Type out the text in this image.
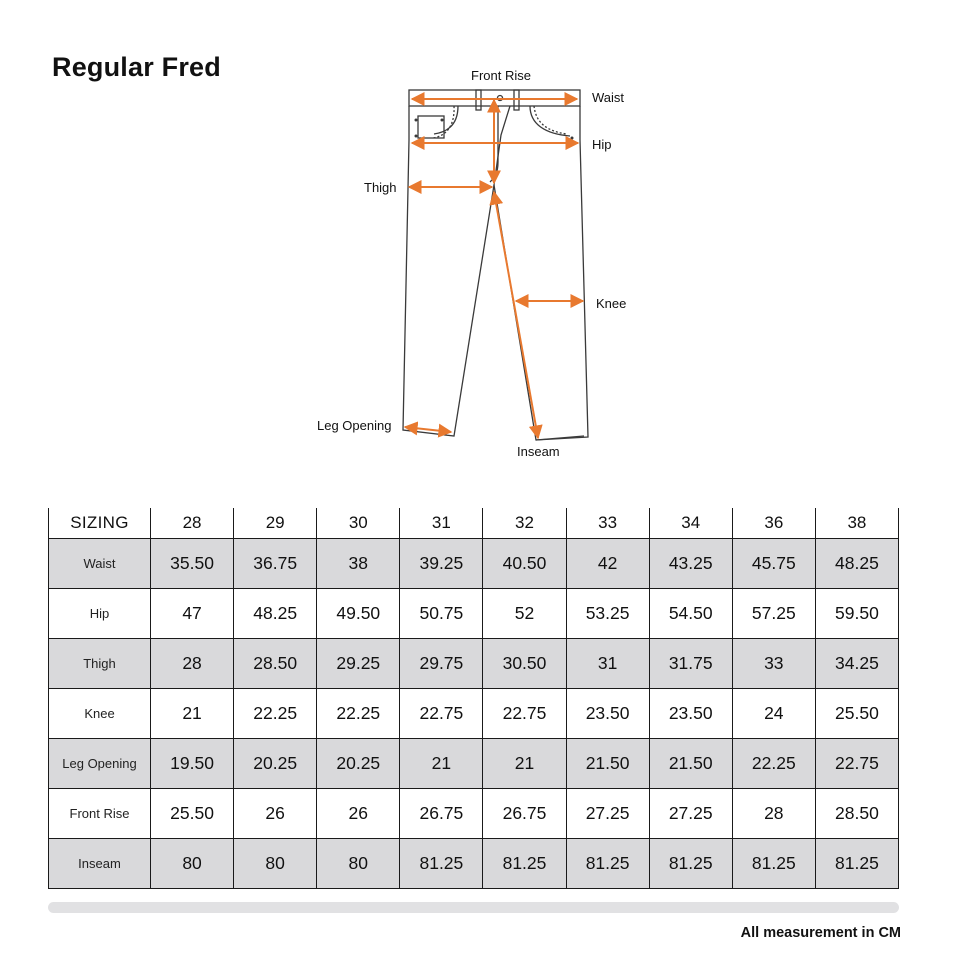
Regular Fred	Front Rise
Waist
Hip
Thigh
Knee
Leg Opening
Inseam
SIZING	28	29	30	31	32	33	34	36	38
Waist	35.50	36.75	38	39.25	40.50	42	43.25	45.75	48.25
Hip	47	48.25	49.50	50.75	52	53.25	54.50	57.25	59.50
Thigh	28	28.50	29.25	29.75	30.50	31	31.75	33	34.25
Knee	21	22.25	22.25	22.75	22.75	23.50	23.50	24	25.50
Leg Opening	19.50	20.25	20.25	21	21	21.50	21.50	22.25	22.75
Front Rise	25.50	26	26	26.75	26.75	27.25	27.25	28	28.50
Inseam	80	80	80	81.25	81.25	81.25	81.25	81.25	81.25
All measurement in CM
